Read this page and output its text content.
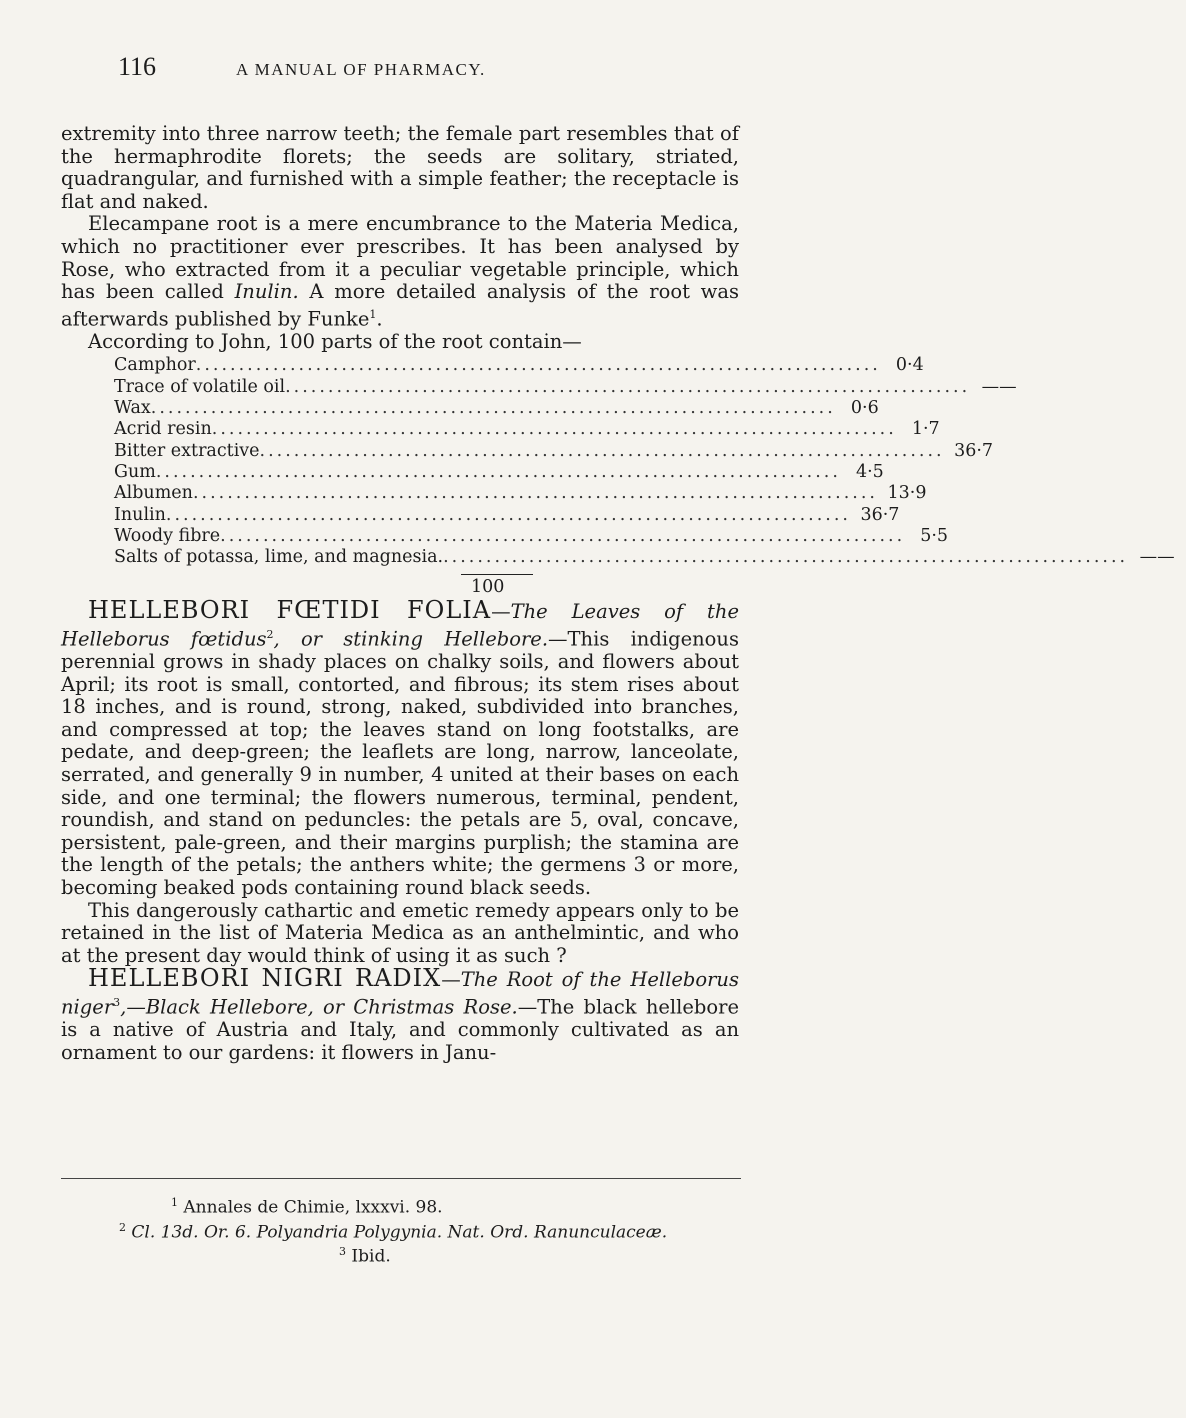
116	A MANUAL OF PHARMACY.

extremity into three narrow teeth; the female part resembles that of the hermaphrodite florets; the seeds are solitary, striated, quadrangular, and furnished with a simple feather; the receptacle is flat and naked.

Elecampane root is a mere encumbrance to the Materia Medica, which no practitioner ever prescribes. It has been analysed by Rose, who extracted from it a peculiar vegetable principle, which has been called Inulin. A more detailed analysis of the root was afterwards published by Funke$^1$.

According to John, 100 parts of the root contain—

Camphor ................................................................................ 0·4
Trace of volatile oil ................................................................................ ——
Wax ................................................................................ 0·6
Acrid resin ................................................................................ 1·7
Bitter extractive ................................................................................ 36·7
Gum ................................................................................ 4·5
Albumen ................................................................................ 13·9
Inulin ................................................................................ 36·7
Woody fibre ................................................................................ 5·5
Salts of potassa, lime, and magnesia. ................................................................................ ——
100

HELLEBORI FŒTIDI FOLIA—The Leaves of the Helleborus fœtidus$^2$, or stinking Hellebore.—This indigenous perennial grows in shady places on chalky soils, and flowers about April; its root is small, contorted, and fibrous; its stem rises about 18 inches, and is round, strong, naked, subdivided into branches, and compressed at top; the leaves stand on long footstalks, are pedate, and deep-green; the leaflets are long, narrow, lanceolate, serrated, and generally 9 in number, 4 united at their bases on each side, and one terminal; the flowers numerous, terminal, pendent, roundish, and stand on peduncles: the petals are 5, oval, concave, persistent, pale-green, and their margins purplish; the stamina are the length of the petals; the anthers white; the germens 3 or more, becoming beaked pods containing round black seeds.

This dangerously cathartic and emetic remedy appears only to be retained in the list of Materia Medica as an anthelmintic, and who at the present day would think of using it as such ?

HELLEBORI NIGRI RADIX—The Root of the Helleborus niger$^3$,—Black Hellebore, or Christmas Rose.—The black hellebore is a native of Austria and Italy, and commonly cultivated as an ornament to our gardens: it flowers in Janu-

$^1$ Annales de Chimie, lxxxvi. 98.
$^2$ Cl. 13d. Or. 6. Polyandria Polygynia. Nat. Ord. Ranunculaceæ.
$^3$ Ibid.
